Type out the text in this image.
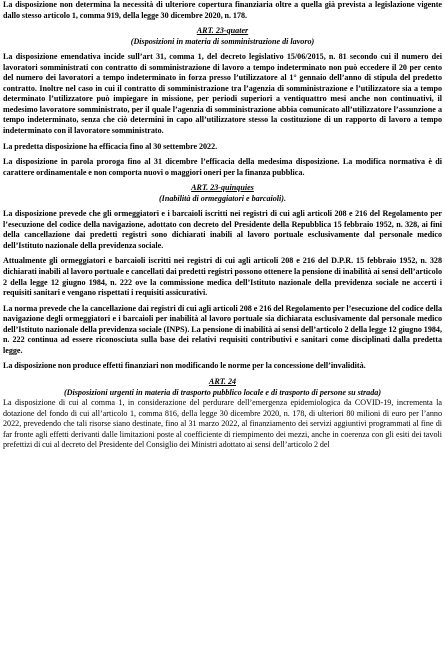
La disposizione non determina la necessità di ulteriore copertura finanziaria oltre a quella già prevista a legislazione vigente dallo stesso articolo 1, comma 919, della legge 30 dicembre 2020, n. 178.

ART. 23-quater

(Disposizioni in materia di somministrazione di lavoro)

La disposizione emendativa incide sull’art 31, comma 1, del decreto legislativo 15/06/2015, n. 81 secondo cui il numero dei lavoratori somministrati con contratto di somministrazione di lavoro a tempo indeterminato non può eccedere il 20 per cento del numero dei lavoratori a tempo indeterminato in forza presso l’utilizzatore al 1° gennaio dell’anno di stipula del predetto contratto. Inoltre nel caso in cui il contratto di somministrazione tra l’agenzia di somministrazione e l’utilizzatore sia a tempo determinato l’utilizzatore può impiegare in missione, per periodi superiori a ventiquattro mesi anche non continuativi, il medesimo lavoratore somministrato, per il quale l’agenzia di somministrazione abbia comunicato all’utilizzatore l’assunzione a tempo indeterminato, senza che ciò determini in capo all’utilizzatore stesso la costituzione di un rapporto di lavoro a tempo indeterminato con il lavoratore somministrato.

La predetta disposizione ha efficacia fino al 30 settembre 2022.

La disposizione in parola proroga fino al 31 dicembre l’efficacia della medesima disposizione. La modifica normativa è di carattere ordinamentale e non comporta nuovi o maggiori oneri per la finanza pubblica.

ART. 23-quinquies

(Inabilità di ormeggiatori e barcaioli).

La disposizione prevede che gli ormeggiatori e i barcaioli iscritti nei registri di cui agli articoli 208 e 216 del Regolamento per l’esecuzione del codice della navigazione, adottato con decreto del Presidente della Repubblica 15 febbraio 1952, n. 328, ai fini della cancellazione dai predetti registri sono dichiarati inabili al lavoro portuale esclusivamente dal personale medico dell’Istituto nazionale della previdenza sociale.

Attualmente gli ormeggiatori e barcaioli iscritti nei registri di cui agli articoli 208 e 216 del D.P.R. 15 febbraio 1952, n. 328 dichiarati inabili al lavoro portuale e cancellati dai predetti registri possono ottenere la pensione di inabilità ai sensi dell’articolo 2 della legge 12 giugno 1984, n. 222 ove la commissione medica dell’Istituto nazionale della previdenza sociale ne accerti i requisiti sanitari e vengano rispettati i requisiti assicurativi.

La norma prevede che la cancellazione dai registri di cui agli articoli 208 e 216 del Regolamento per l’esecuzione del codice della navigazione degli ormeggiatori e i barcaioli per inabilità al lavoro portuale sia dichiarata esclusivamente dal personale medico dell’Istituto nazionale della previdenza sociale (INPS). La pensione di inabilità ai sensi dell’articolo 2 della legge 12 giugno 1984, n. 222 continua ad essere riconosciuta sulla base dei relativi requisiti contributivi e sanitari come disciplinati dalla predetta legge.

La disposizione non produce effetti finanziari non modificando le norme per la concessione dell’invalidità.

ART. 24

(Disposizioni urgenti in materia di trasporto pubblico locale e di trasporto di persone su strada)

La disposizione di cui al comma 1, in considerazione del perdurare dell’emergenza epidemiologica da COVID-19, incrementa la dotazione del fondo di cui all’articolo 1, comma 816, della legge 30 dicembre 2020, n. 178, di ulteriori 80 milioni di euro per l’anno 2022, prevedendo che tali risorse siano destinate, fino al 31 marzo 2022, al finanziamento dei servizi aggiuntivi programmati al fine di far fronte agli effetti derivanti dalle limitazioni poste al coefficiente di riempimento dei mezzi, anche in coerenza con gli esiti dei tavoli prefettizi di cui al decreto del Presidente del Consiglio dei Ministri adottato ai sensi dell’articolo 2 del
